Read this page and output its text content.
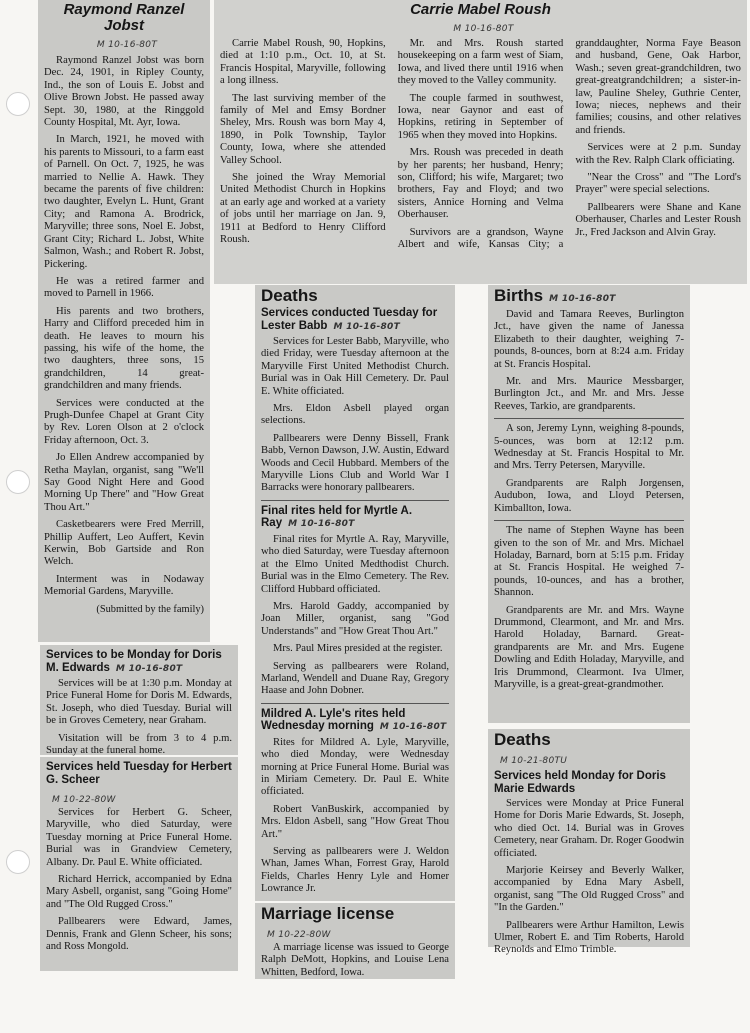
Raymond Ranzel Jobst
M 10-16-80T

Raymond Ranzel Jobst was born Dec. 24, 1901, in Ripley County, Ind., the son of Louis E. Jobst and Olive Brown Jobst. He passed away Sept. 30, 1980, at the Ringgold County Hospital, Mt. Ayr, Iowa.

In March, 1921, he moved with his parents to Missouri, to a farm east of Parnell. On Oct. 7, 1925, he was married to Nellie A. Hawk. They became the parents of five children: two daughter, Evelyn L. Hunt, Grant City; and Ramona A. Brodrick, Maryville; three sons, Noel E. Jobst, Grant City; Richard L. Jobst, White Salmon, Wash.; and Robert R. Jobst, Pickering.

He was a retired farmer and moved to Parnell in 1966.

His parents and two brothers, Harry and Clifford preceded him in death. He leaves to mourn his passing, his wife of the home, the two daughters, three sons, 15 grandchildren, 14 great-grandchildren and many friends.

Services were conducted at the Prugh-Dunfee Chapel at Grant City by Rev. Loren Olson at 2 o'clock Friday afternoon, Oct. 3.

Jo Ellen Andrew accompanied by Retha Maylan, organist, sang "We'll Say Good Night Here and Good Morning Up There" and "How Great Thou Art."

Casketbearers were Fred Merrill, Phillip Auffert, Leo Auffert, Kevin Kerwin, Bob Gartside and Ron Welch.

Interment was in Nodaway Memorial Gardens, Maryville.

(Submitted by the family)

Carrie Mabel Roush
M 10-16-80T

Carrie Mabel Roush, 90, Hopkins, died at 1:10 p.m., Oct. 10, at St. Francis Hospital, Maryville, following a long illness.

The last surviving member of the family of Mel and Emsy Bordner Sheley, Mrs. Roush was born May 4, 1890, in Polk Township, Taylor County, Iowa, where she attended Valley School.

She joined the Wray Memorial United Methodist Church in Hopkins at an early age and worked at a variety of jobs until her marriage on Jan. 9, 1911 at Bedford to Henry Clifford Roush.

Mr. and Mrs. Roush started housekeeping on a farm west of Siam, Iowa, and lived there until 1916 when they moved to the Valley community.

The couple farmed in southwest, Iowa, near Gaynor and east of Hopkins, retiring in September of 1965 when they moved into Hopkins.

Mrs. Roush was preceded in death by her parents; her husband, Henry; son, Clifford; his wife, Margaret; two brothers, Fay and Floyd; and two sisters, Annice Horning and Velma Oberhauser.

Survivors are a grandson, Wayne Albert and wife, Kansas City; a granddaughter, Norma Faye Beason and husband, Gene, Oak Harbor, Wash.; seven great-grandchildren, two great-greatgrandchildren; a sister-in-law, Pauline Sheley, Guthrie Center, Iowa; nieces, nephews and their families; cousins, and other relatives and friends.

Services were at 2 p.m. Sunday with the Rev. Ralph Clark officiating.

"Near the Cross" and "The Lord's Prayer" were special selections.

Pallbearers were Shane and Kane Oberhauser, Charles and Lester Roush Jr., Fred Jackson and Alvin Gray.

Services to be Monday for Doris M. Edwards M 10-16-80T

Services will be at 1:30 p.m. Monday at Price Funeral Home for Doris M. Edwards, St. Joseph, who died Tuesday. Burial will be in Groves Cemetery, near Graham.

Visitation will be from 3 to 4 p.m. Sunday at the funeral home.

Services held Tuesday for Herbert G. Scheer
M 10-22-80W

Services for Herbert G. Scheer, Maryville, who died Saturday, were Tuesday morning at Price Funeral Home. Burial was in Grandview Cemetery, Albany. Dr. Paul E. White officiated.

Richard Herrick, accompanied by Edna Mary Asbell, organist, sang "Going Home" and "The Old Rugged Cross."

Pallbearers were Edward, James, Dennis, Frank and Glenn Scheer, his sons; and Ross Mongold.

Deaths
Services conducted Tuesday for Lester Babb M 10-16-80T

Services for Lester Babb, Maryville, who died Friday, were Tuesday afternoon at the Maryville First United Methodist Church. Burial was in Oak Hill Cemetery. Dr. Paul E. White officiated.

Mrs. Eldon Asbell played organ selections.

Pallbearers were Denny Bissell, Frank Babb, Vernon Dawson, J.W. Austin, Edward Woods and Cecil Hubbard. Members of the Maryville Lions Club and World War I Barracks were honorary pallbearers.

Final rites held for Myrtle A. Ray M 10-16-80T

Final rites for Myrtle A. Ray, Maryville, who died Saturday, were Tuesday afternoon at the Elmo United Medthodist Church. Burial was in the Elmo Cemetery. The Rev. Clifford Hubbard officiated.

Mrs. Harold Gaddy, accompanied by Joan Miller, organist, sang "God Understands" and "How Great Thou Art."

Mrs. Paul Mires presided at the register.

Serving as pallbearers were Roland, Marland, Wendell and Duane Ray, Gregory Haase and John Dobner.

Mildred A. Lyle's rites held Wednesday morning M 10-16-80T

Rites for Mildred A. Lyle, Maryville, who died Monday, were Wednesday morning at Price Funeral Home. Burial was in Miriam Cemetery. Dr. Paul E. White officiated.

Robert VanBuskirk, accompanied by Mrs. Eldon Asbell, sang "How Great Thou Art."

Serving as pallbearers were J. Weldon Whan, James Whan, Forrest Gray, Harold Fields, Charles Henry Lyle and Homer Lowrance Jr.

Marriage license
M 10-22-80W

A marriage license was issued to George Ralph DeMott, Hopkins, and Louise Lena Whitten, Bedford, Iowa.

Births M 10-16-80T

David and Tamara Reeves, Burlington Jct., have given the name of Janessa Elizabeth to their daughter, weighing 7-pounds, 8-ounces, born at 8:24 a.m. Friday at St. Francis Hospital.

Mr. and Mrs. Maurice Messbarger, Burlington Jct., and Mr. and Mrs. Jesse Reeves, Tarkio, are grandparents.

A son, Jeremy Lynn, weighing 8-pounds, 5-ounces, was born at 12:12 p.m. Wednesday at St. Francis Hospital to Mr. and Mrs. Terry Petersen, Maryville.

Grandparents are Ralph Jorgensen, Audubon, Iowa, and Lloyd Petersen, Kimballton, Iowa.

The name of Stephen Wayne has been given to the son of Mr. and Mrs. Michael Holaday, Barnard, born at 5:15 p.m. Friday at St. Francis Hospital. He weighed 7-pounds, 10-ounces, and has a brother, Shannon.

Grandparents are Mr. and Mrs. Wayne Drummond, Clearmont, and Mr. and Mrs. Harold Holaday, Barnard. Great-grandparents are Mr. and Mrs. Eugene Dowling and Edith Holaday, Maryville, and Iris Drummond, Clearmont. Iva Ulmer, Maryville, is a great-great-grandmother.

Deaths
M 10-21-80TU
Services held Monday for Doris Marie Edwards

Services were Monday at Price Funeral Home for Doris Marie Edwards, St. Joseph, who died Oct. 14. Burial was in Groves Cemetery, near Graham. Dr. Roger Goodwin officiated.

Marjorie Keirsey and Beverly Walker, accompanied by Edna Mary Asbell, organist, sang "The Old Rugged Cross" and "In the Garden."

Pallbearers were Arthur Hamilton, Lewis Ulmer, Robert E. and Tim Roberts, Harold Reynolds and Elmo Trimble.
